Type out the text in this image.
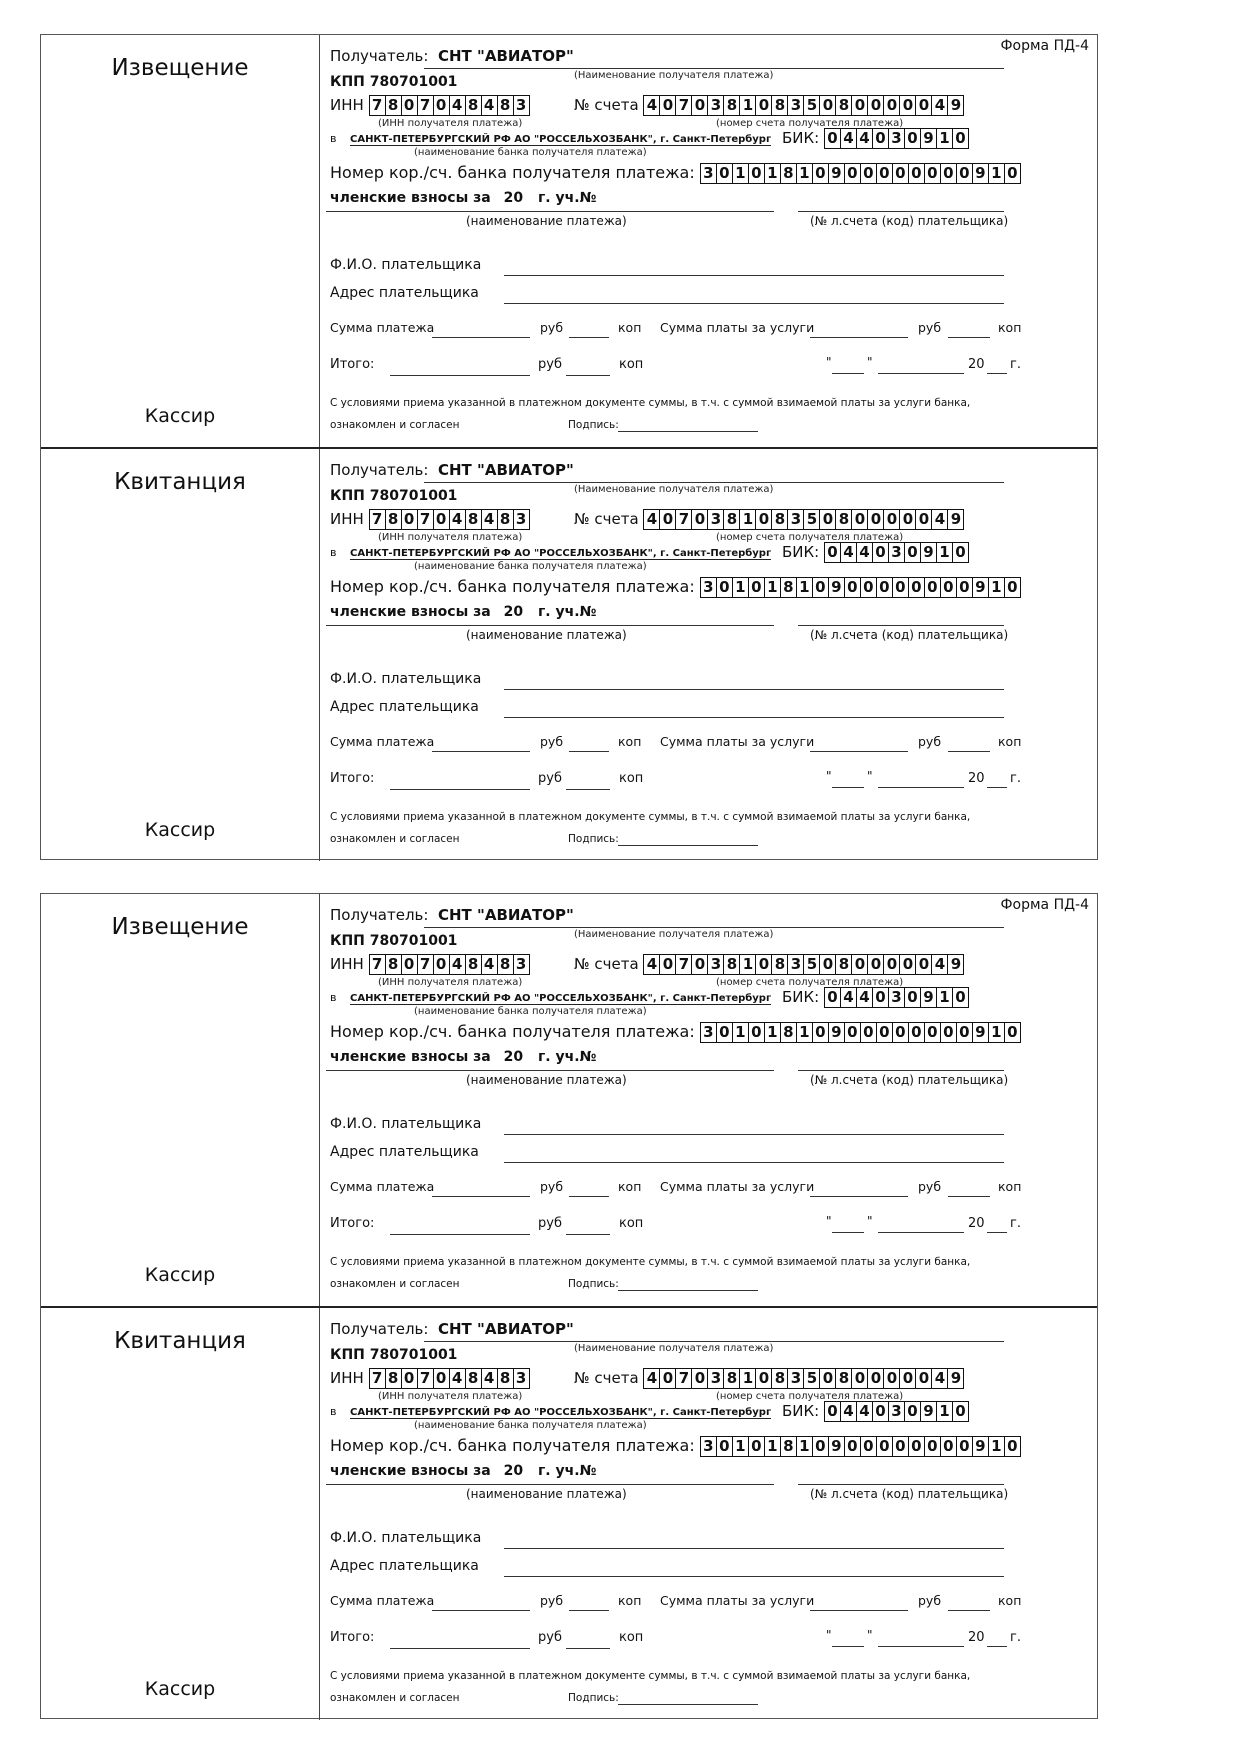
Извещение
Кассир
Форма ПД-4
Получатель: СНТ "АВИАТОР"
(Наименование получателя платежа)
КПП 780701001
ИНН 7 8 0 7 0 4 8 4 8 3
(ИНН получателя платежа)
№ счета 4 0 7 0 3 8 1 0 8 3 5 0 8 0 0 0 0 0 4 9
(номер счета получателя платежа)
в САНКТ-ПЕТЕРБУРГСКИЙ РФ АО "РОССЕЛЬХОЗБАНК", г. Санкт-Петербург
(наименование банка получателя платежа)
БИК: 0 4 4 0 3 0 9 1 0
Номер кор./сч. банка получателя платежа: 3 0 1 0 1 8 1 0 9 0 0 0 0 0 0 0 0 9 1 0
членские взносы за 20 г. уч.№
(наименование платежа)	(№ л.счета (код) плательщика)
Ф.И.О. плательщика
Адрес плательщика
Сумма платежа	руб	коп Сумма платы за услуги	руб	коп
Итого:	руб	коп	"	"	20 г.
С условиями приема указанной в платежном документе суммы, в т.ч. с суммой взимаемой платы за услуги банка,
ознакомлен и согласен	Подпись:
Квитанция
Кассир
Получатель: СНТ "АВИАТОР"
(Наименование получателя платежа)
КПП 780701001
ИНН 7 8 0 7 0 4 8 4 8 3
(ИНН получателя платежа)
№ счета 4 0 7 0 3 8 1 0 8 3 5 0 8 0 0 0 0 0 4 9
(номер счета получателя платежа)
в САНКТ-ПЕТЕРБУРГСКИЙ РФ АО "РОССЕЛЬХОЗБАНК", г. Санкт-Петербург
(наименование банка получателя платежа)
БИК: 0 4 4 0 3 0 9 1 0
Номер кор./сч. банка получателя платежа: 3 0 1 0 1 8 1 0 9 0 0 0 0 0 0 0 0 9 1 0
членские взносы за 20 г. уч.№
(наименование платежа)	(№ л.счета (код) плательщика)
Ф.И.О. плательщика
Адрес плательщика
Сумма платежа	руб	коп Сумма платы за услуги	руб	коп
Итого:	руб	коп	"	"	20 г.
С условиями приема указанной в платежном документе суммы, в т.ч. с суммой взимаемой платы за услуги банка,
ознакомлен и согласен	Подпись:
Извещение
Кассир
Форма ПД-4
Получатель: СНТ "АВИАТОР"
(Наименование получателя платежа)
КПП 780701001
ИНН 7 8 0 7 0 4 8 4 8 3
(ИНН получателя платежа)
№ счета 4 0 7 0 3 8 1 0 8 3 5 0 8 0 0 0 0 0 4 9
(номер счета получателя платежа)
в САНКТ-ПЕТЕРБУРГСКИЙ РФ АО "РОССЕЛЬХОЗБАНК", г. Санкт-Петербург
(наименование банка получателя платежа)
БИК: 0 4 4 0 3 0 9 1 0
Номер кор./сч. банка получателя платежа: 3 0 1 0 1 8 1 0 9 0 0 0 0 0 0 0 0 9 1 0
членские взносы за 20 г. уч.№
(наименование платежа)	(№ л.счета (код) плательщика)
Ф.И.О. плательщика
Адрес плательщика
Сумма платежа	руб	коп Сумма платы за услуги	руб	коп
Итого:	руб	коп	"	"	20 г.
С условиями приема указанной в платежном документе суммы, в т.ч. с суммой взимаемой платы за услуги банка,
ознакомлен и согласен	Подпись:
Квитанция
Кассир
Получатель: СНТ "АВИАТОР"
(Наименование получателя платежа)
КПП 780701001
ИНН 7 8 0 7 0 4 8 4 8 3
(ИНН получателя платежа)
№ счета 4 0 7 0 3 8 1 0 8 3 5 0 8 0 0 0 0 0 4 9
(номер счета получателя платежа)
в САНКТ-ПЕТЕРБУРГСКИЙ РФ АО "РОССЕЛЬХОЗБАНК", г. Санкт-Петербург
(наименование банка получателя платежа)
БИК: 0 4 4 0 3 0 9 1 0
Номер кор./сч. банка получателя платежа: 3 0 1 0 1 8 1 0 9 0 0 0 0 0 0 0 0 9 1 0
членские взносы за 20 г. уч.№
(наименование платежа)	(№ л.счета (код) плательщика)
Ф.И.О. плательщика
Адрес плательщика
Сумма платежа	руб	коп Сумма платы за услуги	руб	коп
Итого:	руб	коп	"	"	20 г.
С условиями приема указанной в платежном документе суммы, в т.ч. с суммой взимаемой платы за услуги банка,
ознакомлен и согласен	Подпись:
